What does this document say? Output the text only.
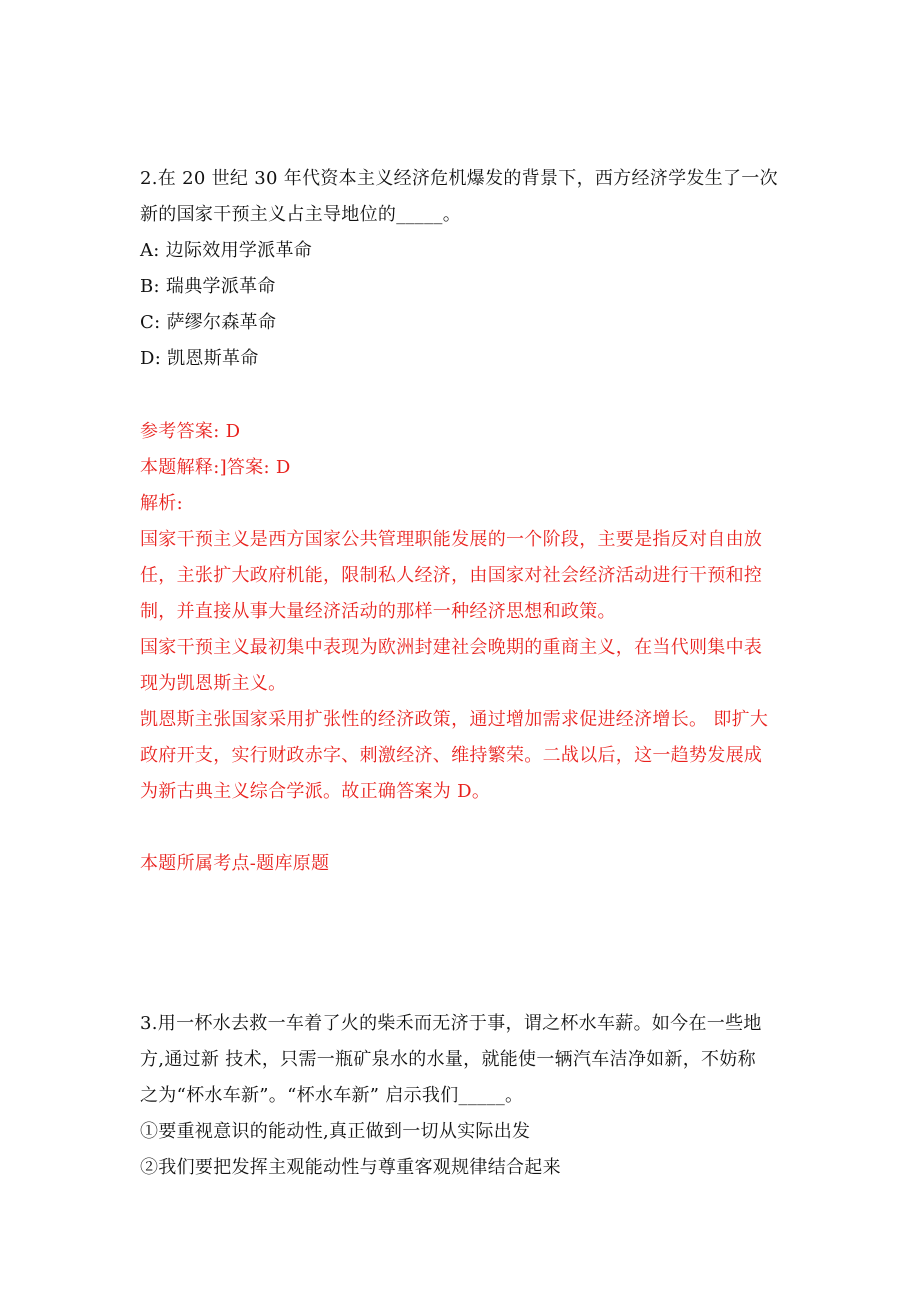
2.在 20 世纪 30 年代资本主义经济危机爆发的背景下，西方经济学发生了一次
新的国家干预主义占主导地位的_____。
A: 边际效用学派革命
B: 瑞典学派革命
C: 萨缪尔森革命
D: 凯恩斯革命
参考答案: D
本题解释:]答案: D
解析:
国家干预主义是西方国家公共管理职能发展的一个阶段，主要是指反对自由放
任，主张扩大政府机能，限制私人经济，由国家对社会经济活动进行干预和控
制，并直接从事大量经济活动的那样一种经济思想和政策。
国家干预主义最初集中表现为欧洲封建社会晚期的重商主义，在当代则集中表
现为凯恩斯主义。
凯恩斯主张国家采用扩张性的经济政策，通过增加需求促进经济增长。 即扩大
政府开支，实行财政赤字、刺激经济、维持繁荣。二战以后，这一趋势发展成
为新古典主义综合学派。故正确答案为 D。
本题所属考点-题库原题
3.用一杯水去救一车着了火的柴禾而无济于事，谓之杯水车薪。如今在一些地
方,通过新 技术，只需一瓶矿泉水的水量，就能使一辆汽车洁净如新，不妨称
之为“杯水车新”。“杯水车新” 启示我们_____。
①要重视意识的能动性,真正做到一切从实际出发
②我们要把发挥主观能动性与尊重客观规律结合起来
